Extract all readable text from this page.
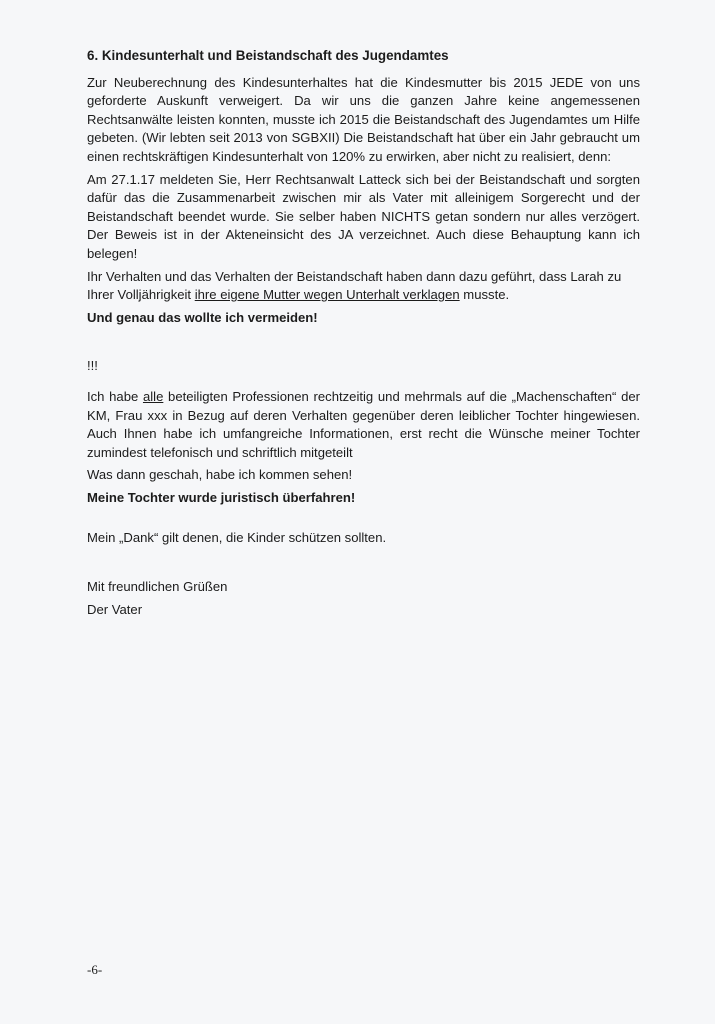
6. Kindesunterhalt und Beistandschaft des Jugendamtes
Zur Neuberechnung des Kindesunterhaltes hat die Kindesmutter bis 2015 JEDE von uns geforderte Auskunft verweigert. Da wir uns die ganzen Jahre keine angemessenen Rechtsanwälte leisten konnten, musste ich 2015 die Beistandschaft des Jugendamtes um Hilfe gebeten. (Wir lebten seit 2013 von SGBXII) Die Beistandschaft hat über ein Jahr gebraucht um einen rechtskräftigen Kindesunterhalt von 120% zu erwirken, aber nicht zu realisiert, denn:
Am 27.1.17 meldeten Sie, Herr Rechtsanwalt Latteck sich bei der Beistandschaft und sorgten dafür das die Zusammenarbeit zwischen mir als Vater mit alleinigem Sorgerecht und der Beistandschaft beendet wurde. Sie selber haben NICHTS getan sondern nur alles verzögert. Der Beweis ist in der Akteneinsicht des JA verzeichnet. Auch diese Behauptung kann ich belegen!
Ihr Verhalten und das Verhalten der Beistandschaft haben dann dazu geführt, dass Larah zu Ihrer Volljährigkeit ihre eigene Mutter wegen Unterhalt verklagen musste.
Und genau das wollte ich vermeiden!
!!!
Ich habe alle beteiligten Professionen rechtzeitig und mehrmals auf die „Machenschaften“ der KM, Frau xxx in Bezug auf deren Verhalten gegenüber deren leiblicher Tochter hingewiesen. Auch Ihnen habe ich umfangreiche Informationen, erst recht die Wünsche meiner Tochter zumindest telefonisch und schriftlich mitgeteilt
Was dann geschah, habe ich kommen sehen!
Meine Tochter wurde juristisch überfahren!
Mein „Dank“ gilt denen, die Kinder schützen sollten.
Mit freundlichen Grüßen
Der Vater
-6-
